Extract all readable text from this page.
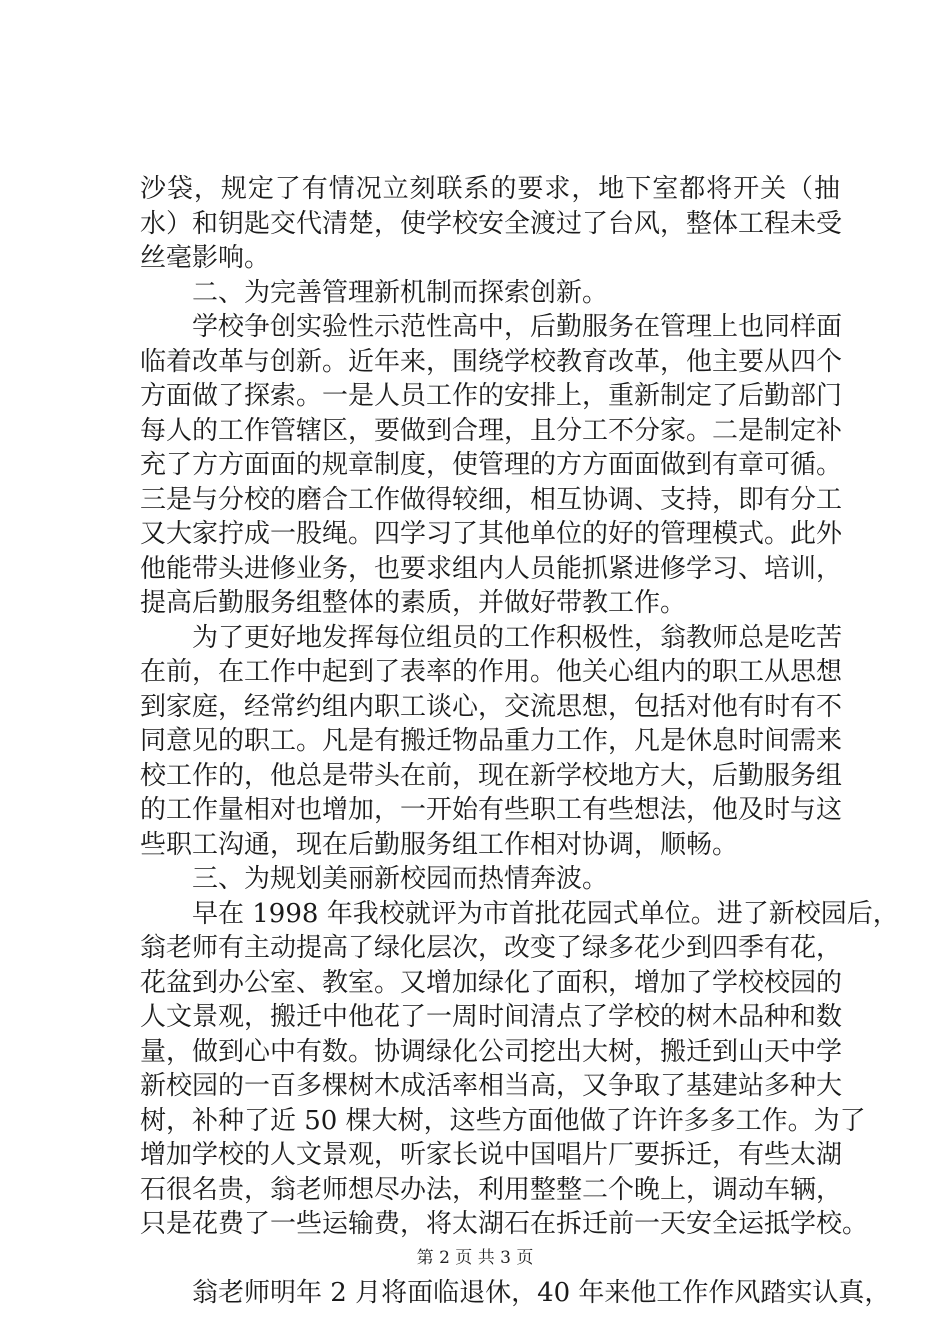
沙袋，规定了有情况立刻联系的要求，地下室都将开关（抽
水）和钥匙交代清楚，使学校安全渡过了台风，整体工程未受
丝毫影响。
二、为完善管理新机制而探索创新。
学校争创实验性示范性高中，后勤服务在管理上也同样面
临着改革与创新。近年来，围绕学校教育改革，他主要从四个
方面做了探索。一是人员工作的安排上，重新制定了后勤部门
每人的工作管辖区，要做到合理，且分工不分家。二是制定补
充了方方面面的规章制度，使管理的方方面面做到有章可循。
三是与分校的磨合工作做得较细，相互协调、支持，即有分工
又大家拧成一股绳。四学习了其他单位的好的管理模式。此外
他能带头进修业务，也要求组内人员能抓紧进修学习、培训，
提高后勤服务组整体的素质，并做好带教工作。
为了更好地发挥每位组员的工作积极性，翁教师总是吃苦
在前，在工作中起到了表率的作用。他关心组内的职工从思想
到家庭，经常约组内职工谈心，交流思想，包括对他有时有不
同意见的职工。凡是有搬迁物品重力工作，凡是休息时间需来
校工作的，他总是带头在前，现在新学校地方大，后勤服务组
的工作量相对也增加，一开始有些职工有些想法，他及时与这
些职工沟通，现在后勤服务组工作相对协调，顺畅。
三、为规划美丽新校园而热情奔波。
早在 1998 年我校就评为市首批花园式单位。进了新校园后，
翁老师有主动提高了绿化层次，改变了绿多花少到四季有花，
花盆到办公室、教室。又增加绿化了面积，增加了学校校园的
人文景观，搬迁中他花了一周时间清点了学校的树木品种和数
量，做到心中有数。协调绿化公司挖出大树，搬迁到山天中学
新校园的一百多棵树木成活率相当高，又争取了基建站多种大
树，补种了近 50 棵大树，这些方面他做了许许多多工作。为了
增加学校的人文景观，听家长说中国唱片厂要拆迁，有些太湖
石很名贵，翁老师想尽办法，利用整整二个晚上，调动车辆，
只是花费了一些运输费，将太湖石在拆迁前一天安全运抵学校。
翁老师明年 2 月将面临退休，40 年来他工作作风踏实认真，
第 2 页 共 3 页
